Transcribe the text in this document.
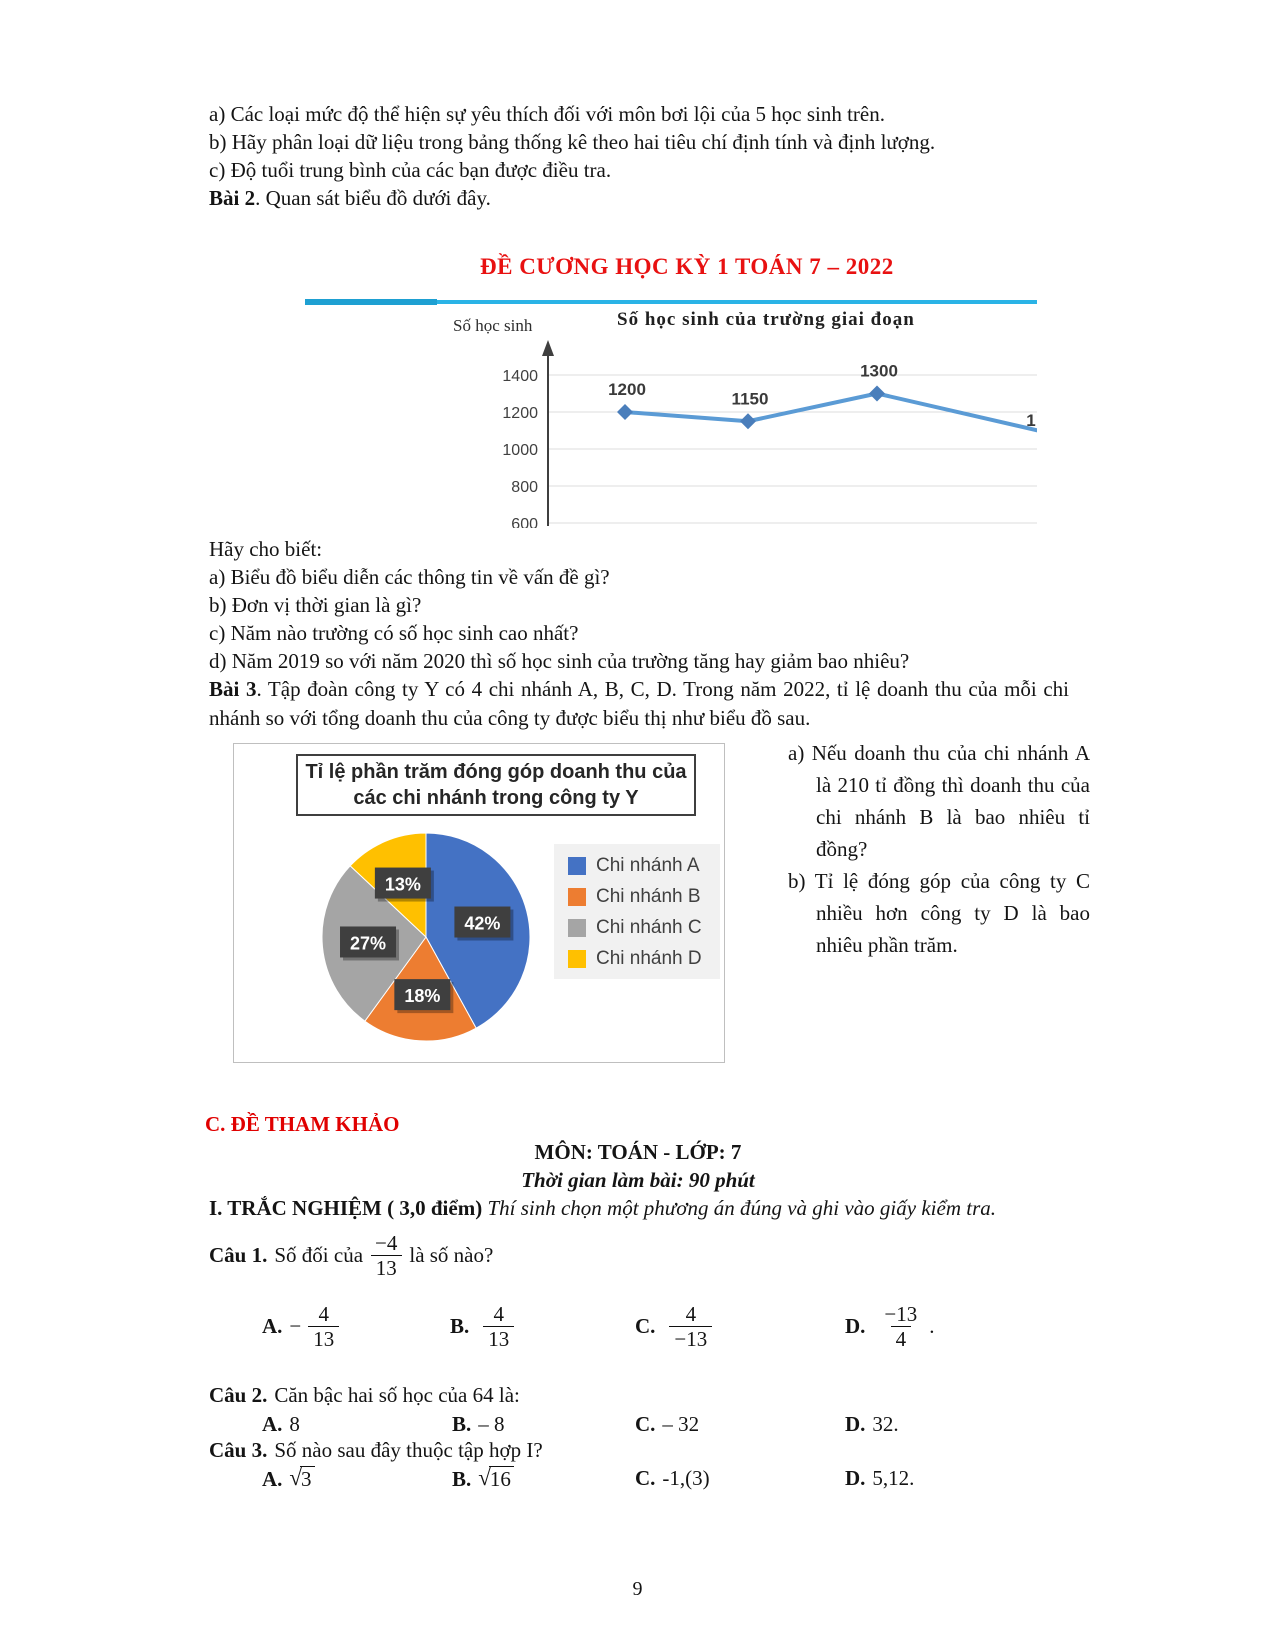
a) Các loại mức độ thể hiện sự yêu thích đối với môn bơi lội của 5 học sinh trên.

b) Hãy phân loại dữ liệu trong bảng thống kê theo hai tiêu chí định tính và định lượng.

c) Độ tuổi trung bình của các bạn được điều tra.

Bài 2. Quan sát biểu đồ dưới đây.

ĐỀ CƯƠNG HỌC KỲ 1 TOÁN 7 – 2022
Số học sinh	Số học sinh của trường giai đoạn
1400
1200
1000
800
600
1200	1150
1300
1

Hãy cho biết:

a) Biểu đồ biểu diễn các thông tin về vấn đề gì?

b) Đơn vị thời gian là gì?

c) Năm nào trường có số học sinh cao nhất?

d) Năm 2019 so với năm 2020 thì số học sinh của trường tăng hay giảm bao nhiêu?

Bài 3. Tập đoàn công ty Y có 4 chi nhánh A, B, C, D. Trong năm 2022, tỉ lệ doanh thu của mỗi chi nhánh so với tổng doanh thu của công ty được biểu thị như biểu đồ sau.

42%
18%
27%
13%
Tỉ lệ phần trăm đóng góp doanh thu của các chi nhánh trong công ty Y
Chi nhánh A
Chi nhánh B
Chi nhánh C
Chi nhánh D

a) Nếu doanh thu của chi nhánh A là 210 tỉ đồng thì doanh thu của chi nhánh B là bao nhiêu tỉ đồng?

b) Tỉ lệ đóng góp của công ty C nhiều hơn công ty D là bao nhiêu phần trăm.

C. ĐỀ THAM KHẢO
MÔN: TOÁN - LỚP: 7
Thời gian làm bài: 90 phút

I. TRẮC NGHIỆM ( 3,0 điểm) Thí sinh chọn một phương án đúng và ghi vào giấy kiểm tra.

Câu 1. Số đối của $\frac{-4}{13}$ là số nào?
A. − $\frac{4}{13}$	B. $\frac{4}{13}$	C. $\frac{4}{-13}$	D. $\frac{-13}{4}$ .
Câu 2. Căn bậc hai số học của 64 là:
A. 8	B. – 8	C. – 32	D. 32.
Câu 3. Số nào sau đây thuộc tập hợp I?
A. √ 3	B. √ 16	C. -1,(3)	D. 5,12.
9
